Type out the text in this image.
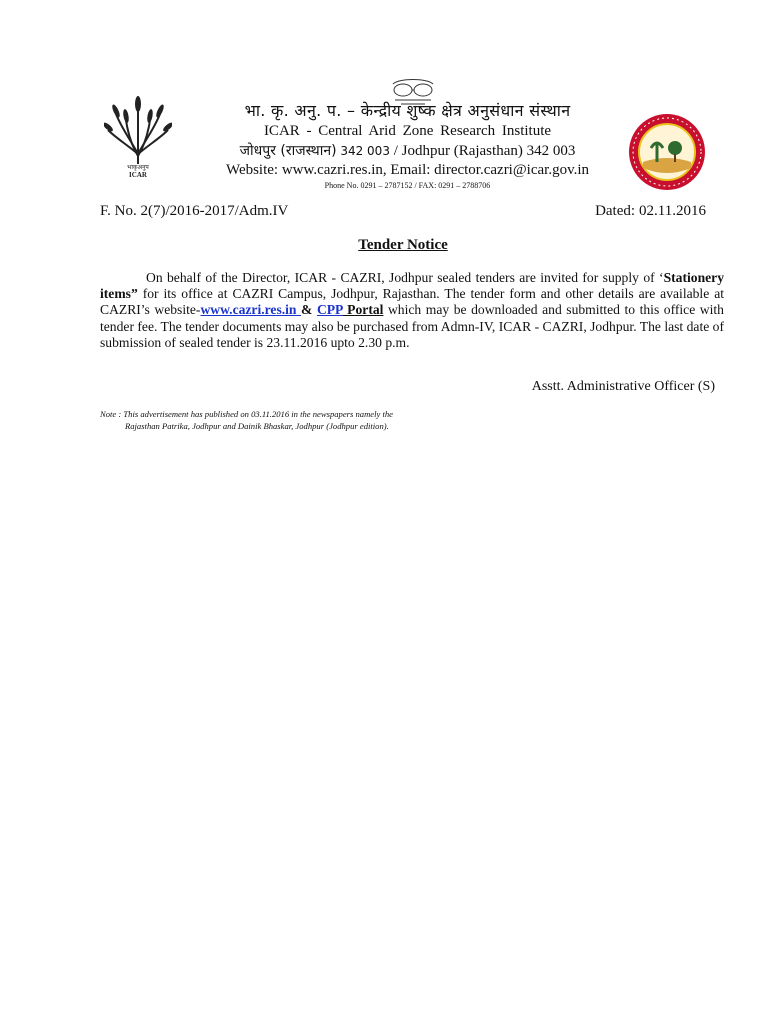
भाकृअनुप
ICAR
भा. कृ. अनु. प. – केन्द्रीय शुष्क क्षेत्र अनुसंधान संस्थान
ICAR - Central Arid Zone Research Institute
जोधपुर (राजस्थान) 342 003 / Jodhpur (Rajasthan) 342 003
Website: www.cazri.res.in, Email: director.cazri@icar.gov.in
Phone No. 0291 – 2787152 / FAX: 0291 – 2788706
F. No. 2(7)/2016-2017/Adm.IV	Dated: 02.11.2016
Tender Notice
On behalf of the Director, ICAR - CAZRI, Jodhpur sealed tenders are invited for supply of ‘Stationery items” for its office at CAZRI Campus, Jodhpur, Rajasthan. The tender form and other details are available at CAZRI’s website-www.cazri.res.in & CPP Portal which may be downloaded and submitted to this office with tender fee. The tender documents may also be purchased from Admn-IV, ICAR - CAZRI, Jodhpur. The last date of submission of sealed tender is 23.11.2016 upto 2.30 p.m.
Asstt. Administrative Officer (S)
Note : This advertisement has published on 03.11.2016 in the newspapers namely the
Rajasthan Patrika, Jodhpur and Dainik Bhaskar, Jodhpur (Jodhpur edition).
